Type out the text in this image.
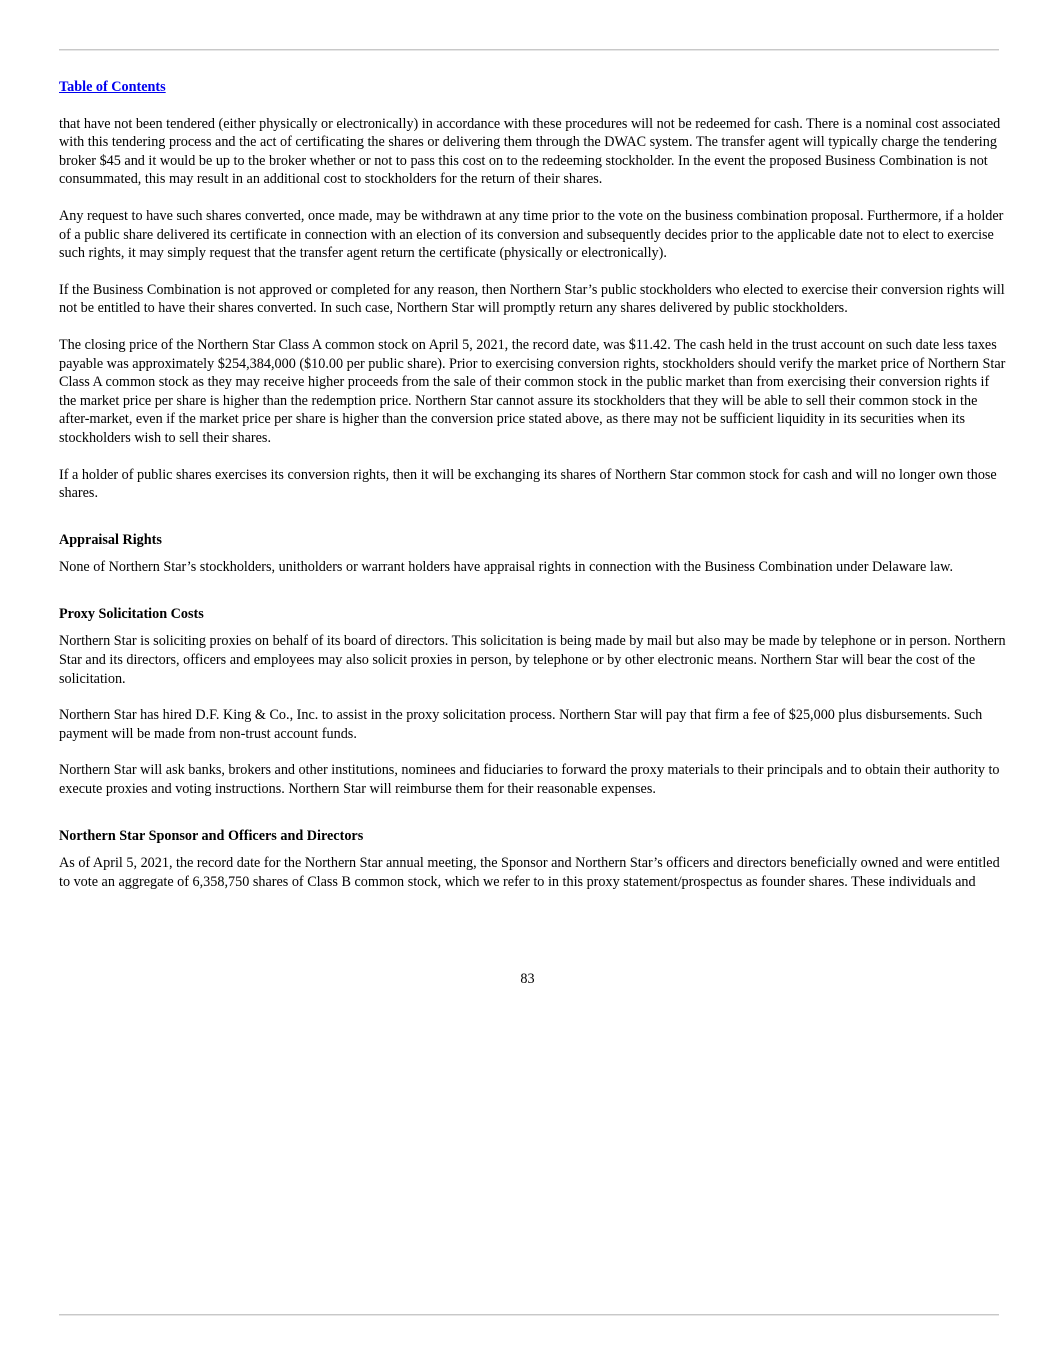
Table of Contents

that have not been tendered (either physically or electronically) in accordance with these procedures will not be redeemed for cash. There is a nominal cost associated with this tendering process and the act of certificating the shares or delivering them through the DWAC system. The transfer agent will typically charge the tendering broker $45 and it would be up to the broker whether or not to pass this cost on to the redeeming stockholder. In the event the proposed Business Combination is not consummated, this may result in an additional cost to stockholders for the return of their shares.

Any request to have such shares converted, once made, may be withdrawn at any time prior to the vote on the business combination proposal. Furthermore, if a holder of a public share delivered its certificate in connection with an election of its conversion and subsequently decides prior to the applicable date not to elect to exercise such rights, it may simply request that the transfer agent return the certificate (physically or electronically).

If the Business Combination is not approved or completed for any reason, then Northern Star’s public stockholders who elected to exercise their conversion rights will not be entitled to have their shares converted. In such case, Northern Star will promptly return any shares delivered by public stockholders.

The closing price of the Northern Star Class A common stock on April 5, 2021, the record date, was $11.42. The cash held in the trust account on such date less taxes payable was approximately $254,384,000 ($10.00 per public share). Prior to exercising conversion rights, stockholders should verify the market price of Northern Star Class A common stock as they may receive higher proceeds from the sale of their common stock in the public market than from exercising their conversion rights if the market price per share is higher than the redemption price. Northern Star cannot assure its stockholders that they will be able to sell their common stock in the after-market, even if the market price per share is higher than the conversion price stated above, as there may not be sufficient liquidity in its securities when its stockholders wish to sell their shares.

If a holder of public shares exercises its conversion rights, then it will be exchanging its shares of Northern Star common stock for cash and will no longer own those shares.

Appraisal Rights

None of Northern Star’s stockholders, unitholders or warrant holders have appraisal rights in connection with the Business Combination under Delaware law.

Proxy Solicitation Costs

Northern Star is soliciting proxies on behalf of its board of directors. This solicitation is being made by mail but also may be made by telephone or in person. Northern Star and its directors, officers and employees may also solicit proxies in person, by telephone or by other electronic means. Northern Star will bear the cost of the solicitation.

Northern Star has hired D.F. King & Co., Inc. to assist in the proxy solicitation process. Northern Star will pay that firm a fee of $25,000 plus disbursements. Such payment will be made from non-trust account funds.

Northern Star will ask banks, brokers and other institutions, nominees and fiduciaries to forward the proxy materials to their principals and to obtain their authority to execute proxies and voting instructions. Northern Star will reimburse them for their reasonable expenses.

Northern Star Sponsor and Officers and Directors

As of April 5, 2021, the record date for the Northern Star annual meeting, the Sponsor and Northern Star’s officers and directors beneficially owned and were entitled to vote an aggregate of 6,358,750 shares of Class B common stock, which we refer to in this proxy statement/prospectus as founder shares. These individuals and

83
